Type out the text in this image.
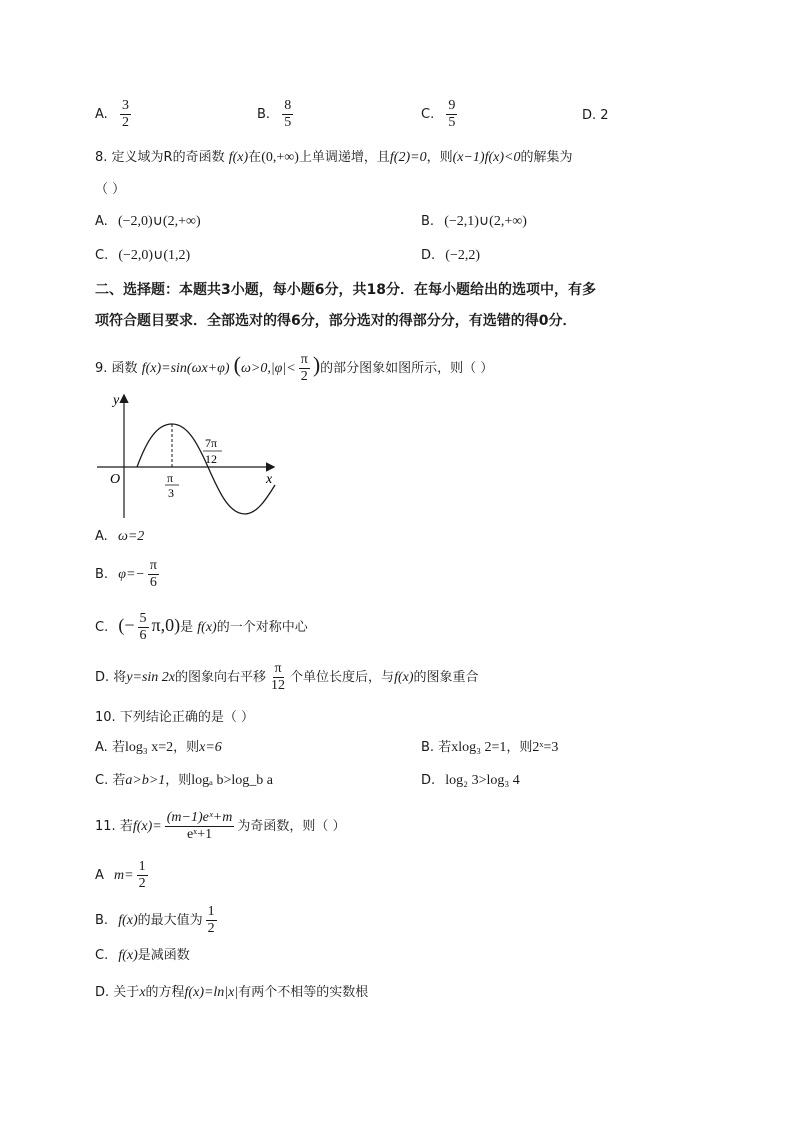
A. $\frac{3}{2}$	B. $\frac{8}{5}$	C. $\frac{9}{5}$	D. 2
8. 定义域为R的奇函数 f(x)在(0,+∞)上单调递增，且f(2)=0，则(x−1)f(x)<0的解集为
（ ）
A. (−2,0)∪(2,+∞)	B. (−2,1)∪(2,+∞)
C. (−2,0)∪(1,2)	D. (−2,2)
二、选择题：本题共3小题，每小题6分，共18分．在每小题给出的选项中，有多
项符合题目要求．全部选对的得6分，部分选对的得部分分，有选错的得0分．
9. 函数 f(x)=sin(ωx+φ) ($\omega>0,|\varphi|< \frac{\pi}{2}$ )的部分图象如图所示，则（ ）
y
x
O	π
3
7π
12
A. ω=2
B. $\varphi=- \frac{\pi}{6}$
C. (− $\frac{5}{6} \pi,0$)是 f(x)的一个对称中心
D. 将y=sin 2x的图象向右平移 $\frac{\pi}{12}$ 个单位长度后，与f(x)的图象重合
10. 下列结论正确的是（ ）
A. 若log₃ x=2，则x=6	B. 若xlog₃ 2=1，则2ˣ=3
C. 若a>b>1，则logₐ b>log_b a	D. log₂ 3>log₃ 4
11. 若$f(x)= \frac{\text{(m−1)eˣ+m}}{\text{eˣ+1}}$ 为奇函数，则（ ）
A $m= \frac{1}{2}$
B. f(x)的最大值为 $\frac{1}{2}$
C. f(x)是减函数
D. 关于x的方程f(x)=ln|x|有两个不相等的实数根
